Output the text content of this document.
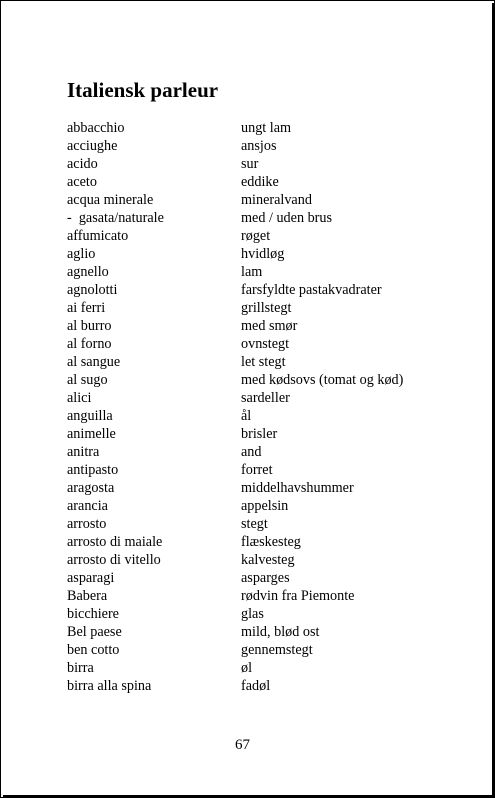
Italiensk parleur
abbacchio	ungt lam
acciughe	ansjos
acido	sur
aceto	eddike
acqua minerale	mineralvand
-  gasata/naturale	med / uden brus
affumicato	røget
aglio	hvidløg
agnello	lam
agnolotti	farsfyldte pastakvadrater
ai ferri	grillstegt
al burro	med smør
al forno	ovnstegt
al sangue	let stegt
al sugo	med kødsovs (tomat og kød)
alici	sardeller
anguilla	ål
animelle	brisler
anitra	and
antipasto	forret
aragosta	middelhavshummer
arancia	appelsin
arrosto	stegt
arrosto di maiale	flæskesteg
arrosto di vitello	kalvesteg
asparagi	asparges
Babera	rødvin fra Piemonte
bicchiere	glas
Bel paese	mild, blød ost
ben cotto	gennemstegt
birra	øl
birra alla spina	fadøl
67
